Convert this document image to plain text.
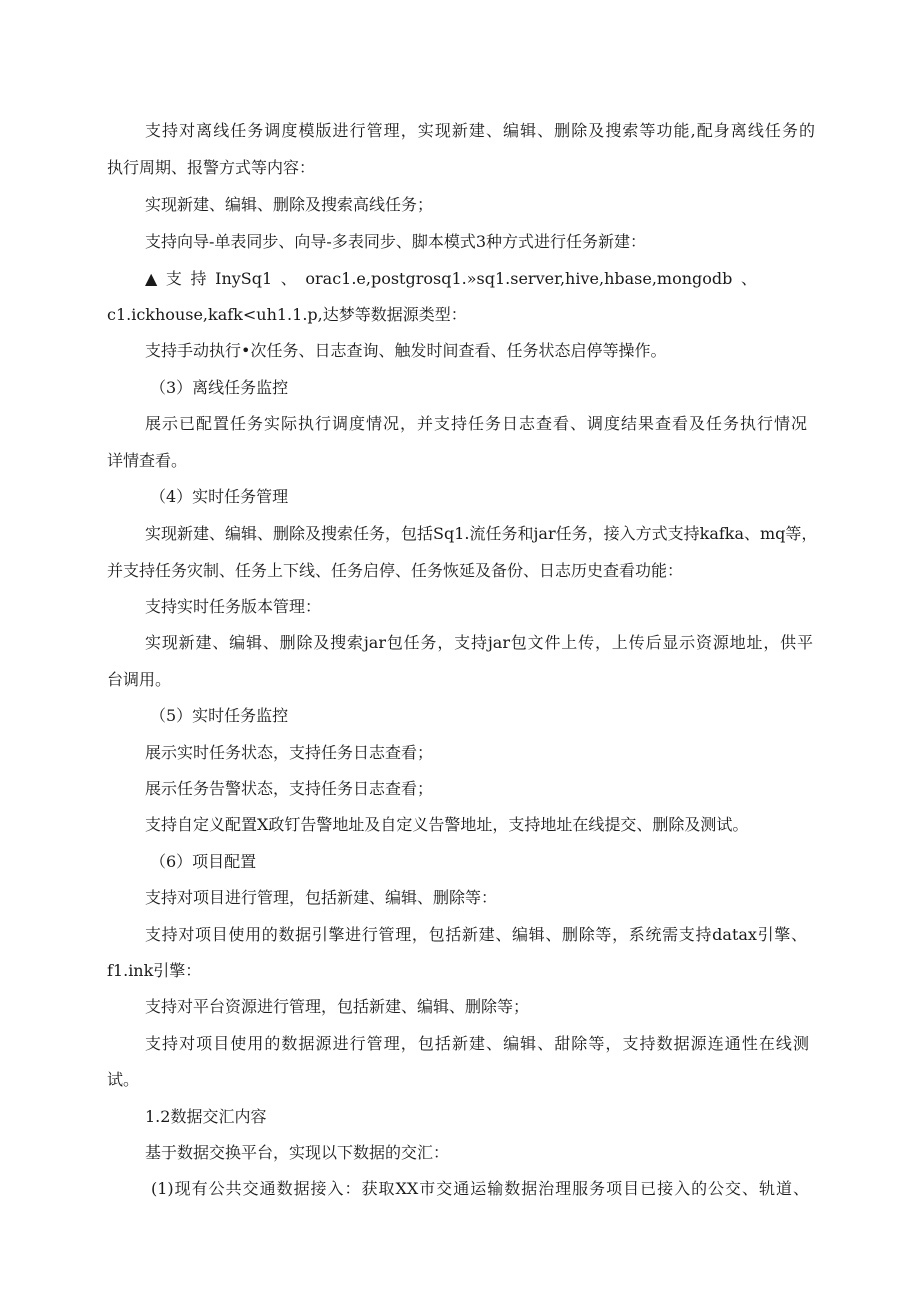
支持对离线任务调度模版进行管理，实现新建、编辑、删除及搜索等功能,配身离线任务的
执行周期、报警方式等内容：
实现新建、编辑、删除及搜索高线任务；
支持向导-单表同步、向导-多表同步、脚本模式3种方式进行任务新建：
▲支持InySq1、orac1.e,postgrosq1.»sq1.server,hive,hbase,mongodb、
c1.ickhouse,kafk<uh1.1.p,达梦等数据源类型：
支持手动执行•次任务、日志查询、触发时间查看、任务状态启停等操作。
（3）离线任务监控
展示已配置任务实际执行调度情况，并支持任务日志查看、调度结果查看及任务执行情况
详情查看。
（4）实时任务管理
实现新建、编辑、删除及搜索任务，包括Sq1.流任务和jar任务，接入方式支持kafka、mq等，
并支持任务灾制、任务上下线、任务启停、任务恢延及备份、日志历史查看功能：
支持实时任务版本管理：
实现新建、编辑、删除及搜索jar包任务，支持jar包文件上传，上传后显示资源地址，供平
台调用。
（5）实时任务监控
展示实时任务状态，支持任务日志查看；
展示任务告警状态，支持任务日志查看；
支持自定义配置X政钉告警地址及自定义告警地址，支持地址在线提交、删除及测试。
（6）项目配置
支持对项目进行管理，包括新建、编辑、删除等：
支持对项目使用的数据引擎进行管理，包括新建、编辑、删除等，系统需支持datax引擎、
f1.ink引擎：
支持对平台资源进行管理，包括新建、编辑、删除等；
支持对项目使用的数据源进行管理，包括新建、编辑、甜除等，支持数据源连通性在线测
试。
1.2数据交汇内容
基于数据交换平台，实现以下数据的交汇：
(1)现有公共交通数据接入：获取XX市交通运输数据治理服务项目已接入的公交、轨道、
